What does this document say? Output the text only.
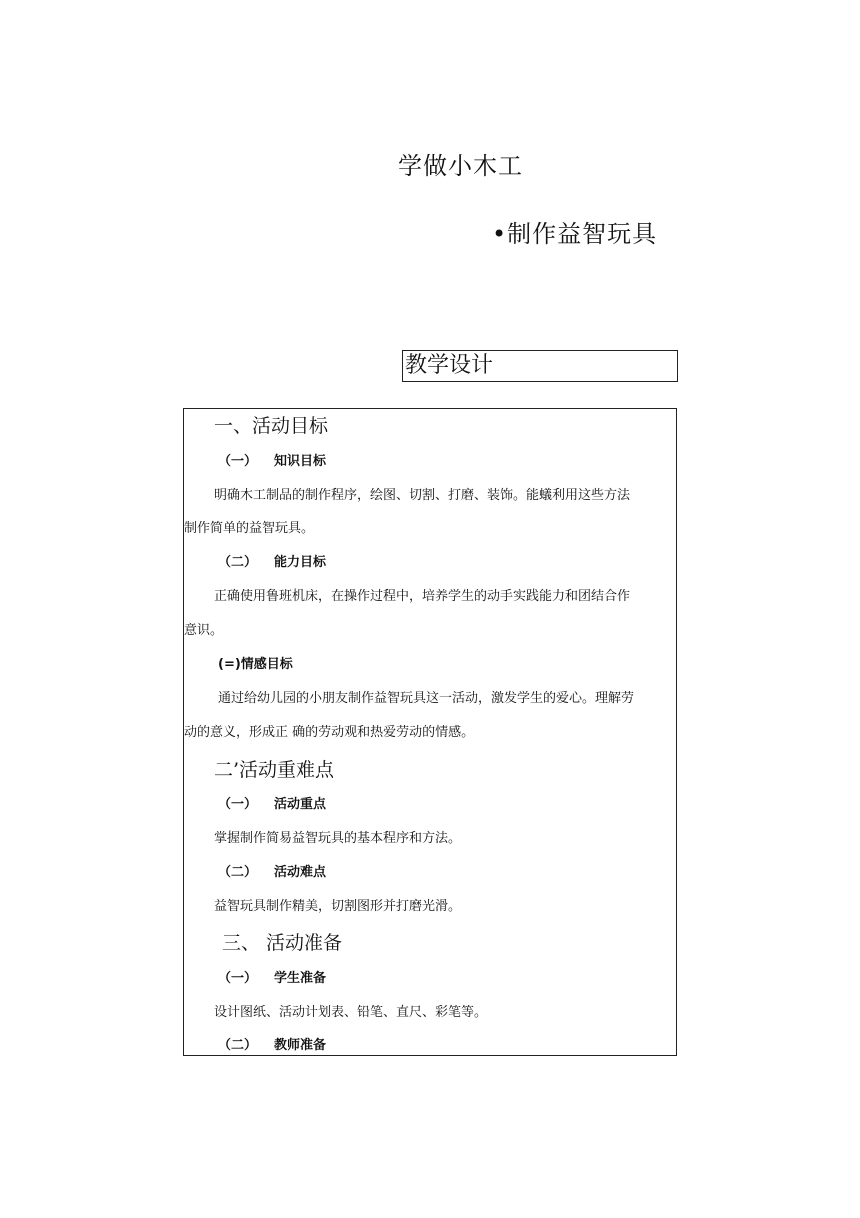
学做小木工
•制作益智玩具
教学设计
一、活动目标
（一） 知识目标
明确木工制品的制作程序，绘图、切割、打磨、装饰。能蟻利用这些方法
制作简单的益智玩具。
（二） 能力目标
正确使用鲁班机床，在操作过程中，培养学生的动手实践能力和团结合作
意识。
(=)情感目标
通过给幼儿园的小朋友制作益智玩具这一活动，激发学生的爱心。理解劳
动的意义，形成正 确的劳动观和热爱劳动的情感。
二’活动重难点
（一） 活动重点
掌握制作简易益智玩具的基本程序和方法。
（二） 活动难点
益智玩具制作精美，切割图形并打磨光滑。
三、 活动准备
（一） 学生准备
设计图纸、活动计划表、铅笔、直尺、彩笔等。
（二） 教师准备
